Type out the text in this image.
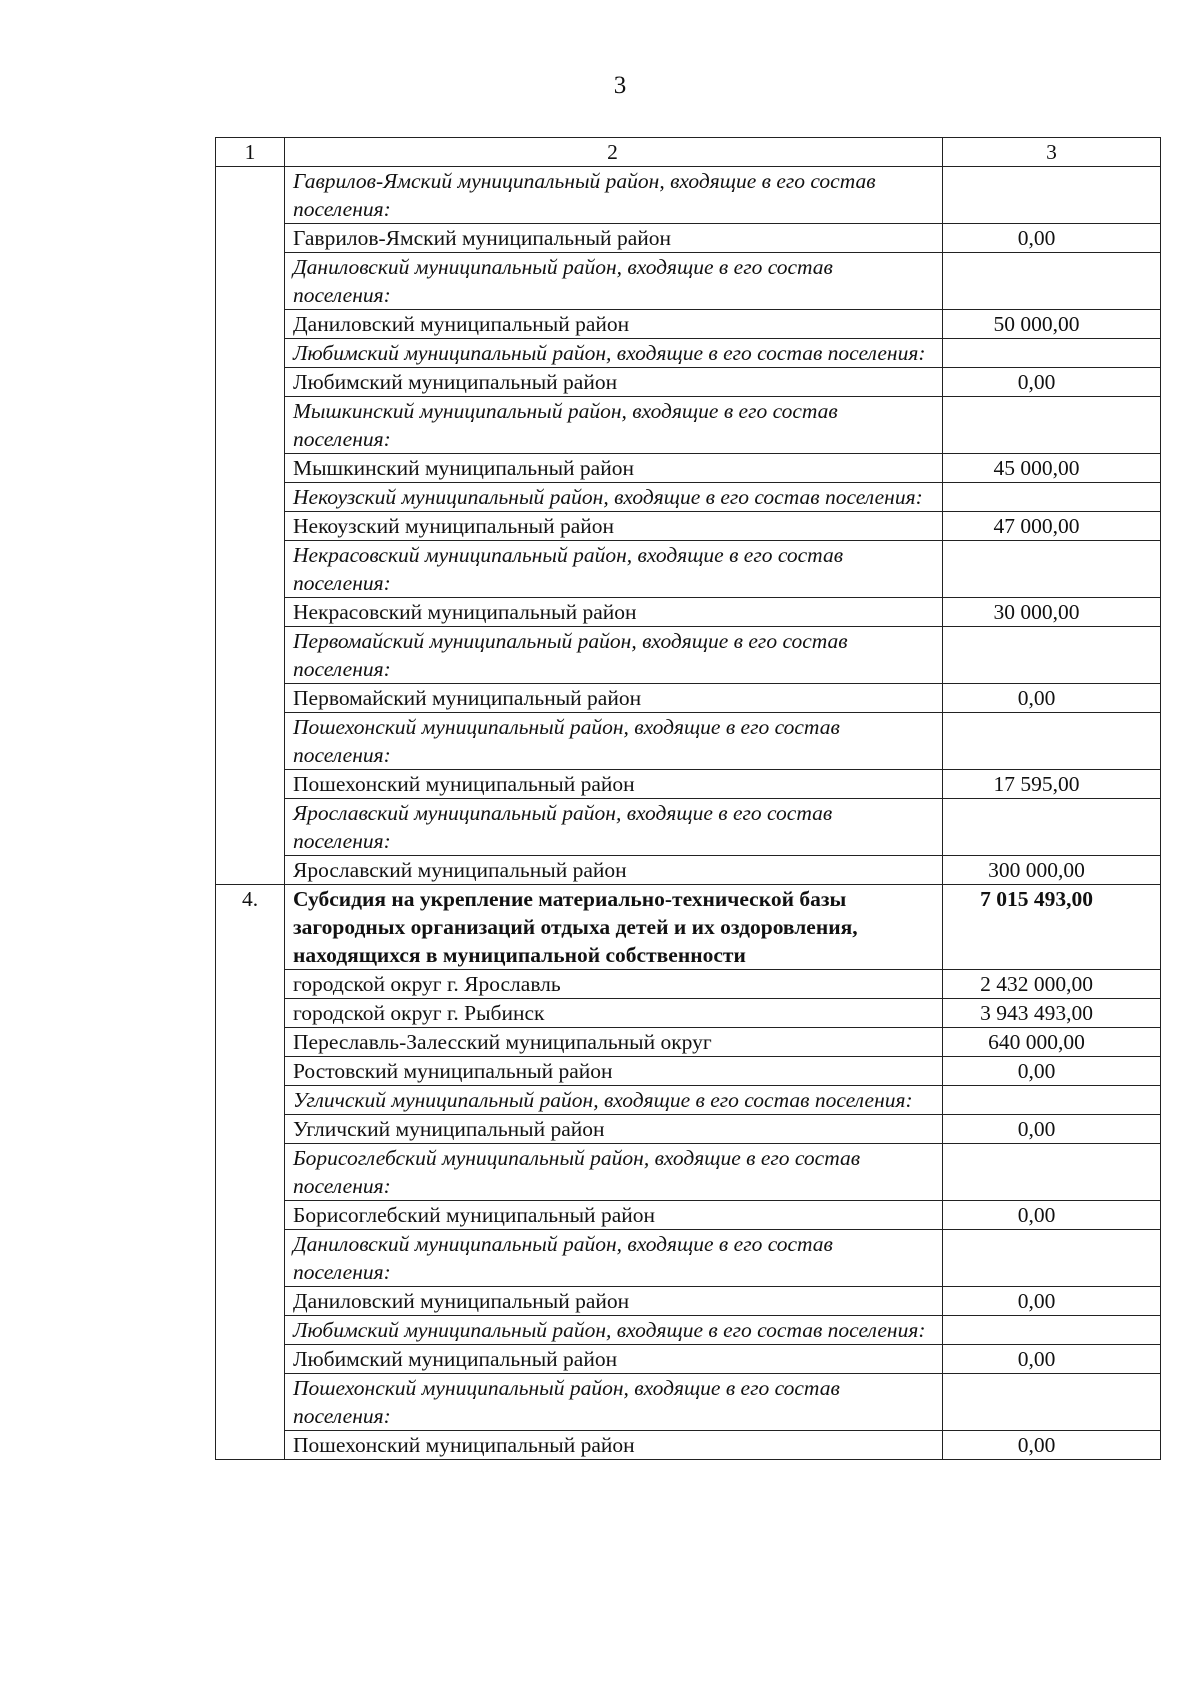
3
1	2	3
	Гаврилов-Ямский муниципальный район, входящие в его состав поселения:	
	Гаврилов-Ямский муниципальный район	0,00
	Даниловский муниципальный район, входящие в его состав поселения:	
	Даниловский муниципальный район	50 000,00
	Любимский муниципальный район, входящие в его состав поселения:	
	Любимский муниципальный район	0,00
	Мышкинский муниципальный район, входящие в его состав поселения:	
	Мышкинский муниципальный район	45 000,00
	Некоузский муниципальный район, входящие в его состав поселения:	
	Некоузский муниципальный район	47 000,00
	Некрасовский муниципальный район, входящие в его состав поселения:	
	Некрасовский муниципальный район	30 000,00
	Первомайский муниципальный район, входящие в его состав поселения:	
	Первомайский муниципальный район	0,00
	Пошехонский муниципальный район, входящие в его состав поселения:	
	Пошехонский муниципальный район	17 595,00
	Ярославский муниципальный район, входящие в его состав поселения:	
	Ярославский муниципальный район	300 000,00
4.	Субсидия на укрепление материально-технической базы загородных организаций отдыха детей и их оздоровления, находящихся в муниципальной собственности	7 015 493,00
	городской округ г. Ярославль	2 432 000,00
	городской округ г. Рыбинск	3 943 493,00
	Переславль-Залесский муниципальный округ	640 000,00
	Ростовский муниципальный район	0,00
	Угличский муниципальный район, входящие в его состав поселения:	
	Угличский муниципальный район	0,00
	Борисоглебский муниципальный район, входящие в его состав поселения:	
	Борисоглебский муниципальный район	0,00
	Даниловский муниципальный район, входящие в его состав поселения:	
	Даниловский муниципальный район	0,00
	Любимский муниципальный район, входящие в его состав поселения:	
	Любимский муниципальный район	0,00
	Пошехонский муниципальный район, входящие в его состав поселения:	
	Пошехонский муниципальный район	0,00
